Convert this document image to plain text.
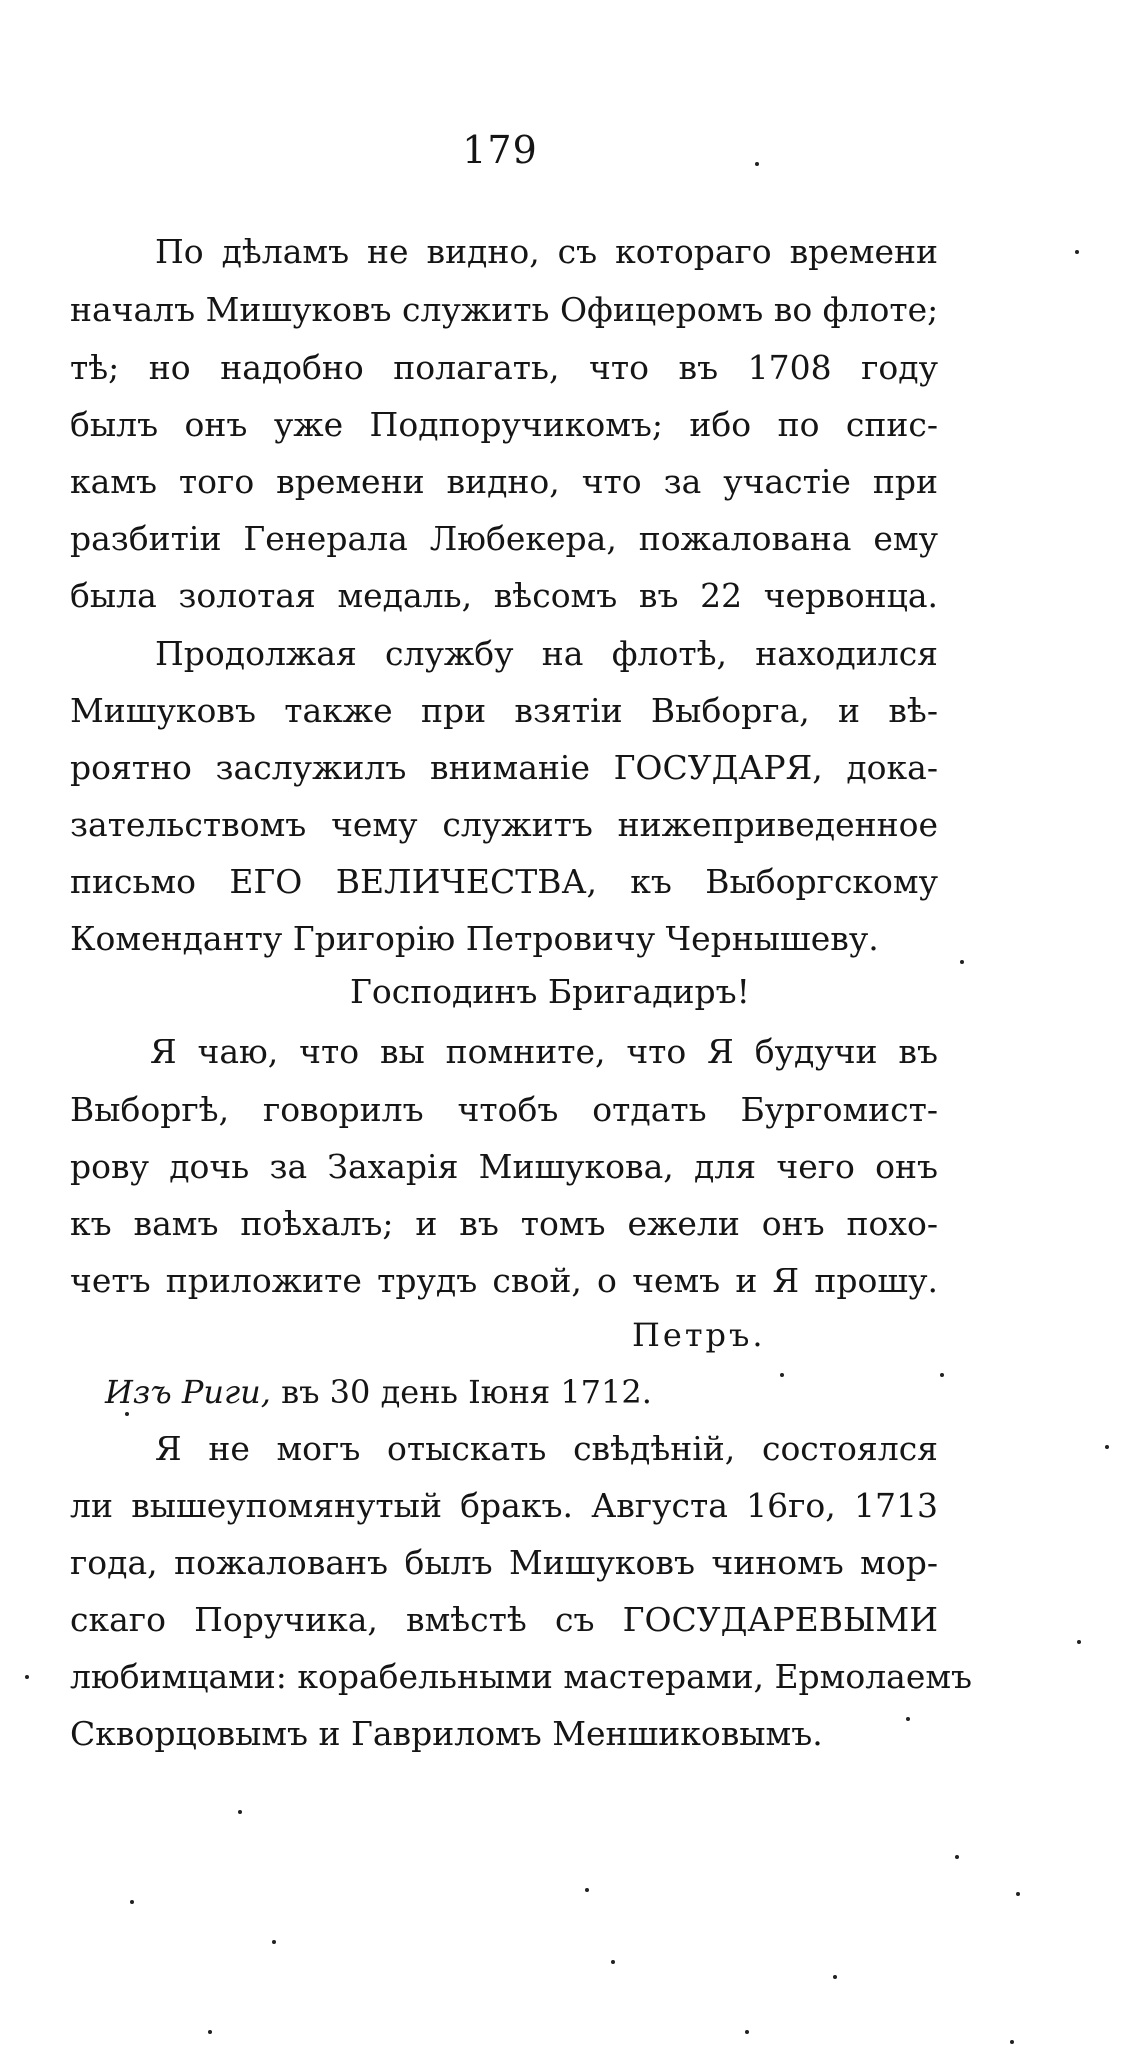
179
По дѣламъ не видно, съ котораго времени
началъ Мишуковъ служить Офицеромъ во флоте;
тѣ; но надобно полагать, что въ 1708 году
былъ онъ уже Подпоручикомъ; ибо по спис-
камъ того времени видно, что за участіе при
разбитіи Генерала Любекера, пожалована ему
была золотая медаль, вѣсомъ въ 22 червонца.
Продолжая службу на флотѣ, находился
Мишуковъ также при взятіи Выборга, и вѣ-
роятно заслужилъ вниманіе ГОСУДАРЯ, дока-
зательствомъ чему служитъ нижеприведенное
письмо ЕГО ВЕЛИЧЕСТВА, къ Выборгскому
Коменданту Григорію Петровичу Чернышеву.
Господинъ Бригадиръ!
Я чаю, что вы помните, что Я будучи въ
Выборгѣ, говорилъ чтобъ отдать Бургомист-
рову дочь за Захарія Мишукова, для чего онъ
къ вамъ поѣхалъ; и въ томъ ежели онъ похо-
четъ приложите трудъ свой, о чемъ и Я прошу.
Петръ.
Изъ Риги, въ 30 день Іюня 1712.
Я не могъ отыскать свѣдѣній, состоялся
ли вышеупомянутый бракъ. Августа 16го, 1713
года, пожалованъ былъ Мишуковъ чиномъ мор-
скаго Поручика, вмѣстѣ съ ГОСУДАРЕВЫМИ
любимцами: корабельными мастерами, Ермолаемъ
Скворцовымъ и Гавриломъ Меншиковымъ.
